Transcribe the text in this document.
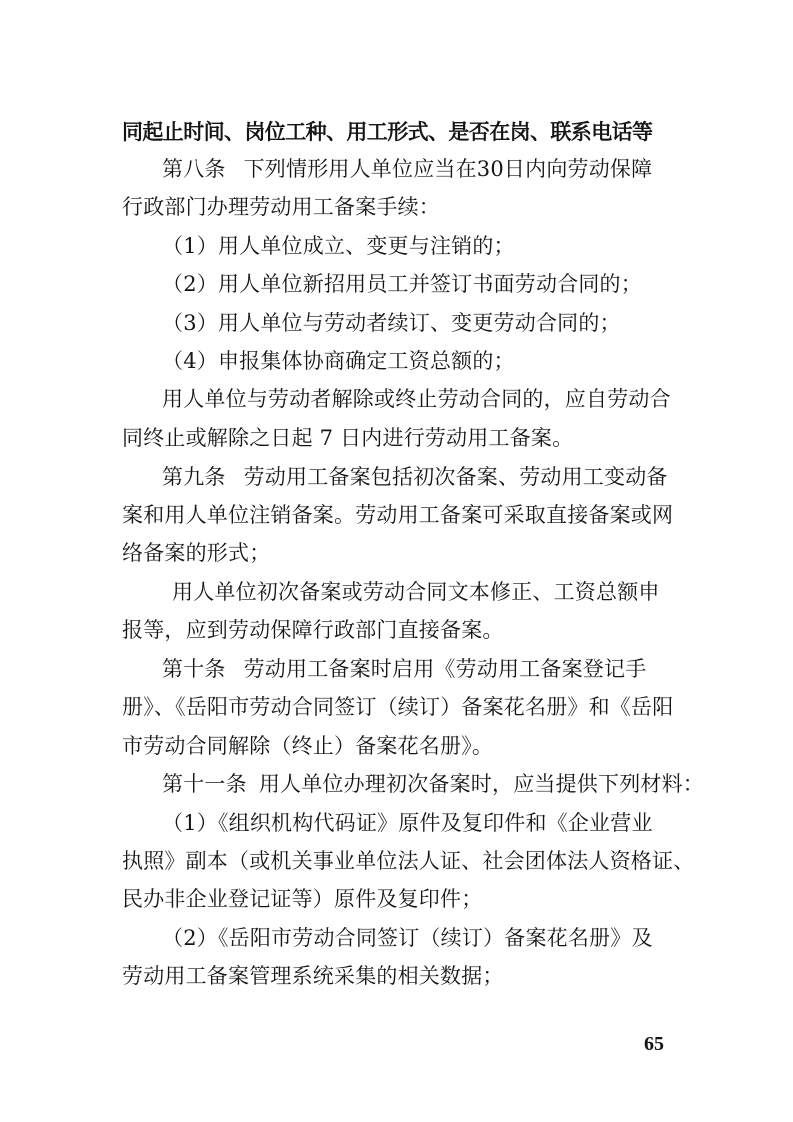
同起止时间、岗位工种、用工形式、是否在岗、联系电话等
第八条 下列情形用人单位应当在30日内向劳动保障
行政部门办理劳动用工备案手续：
（1）用人单位成立、变更与注销的；
（2）用人单位新招用员工并签订书面劳动合同的；
（3）用人单位与劳动者续订、变更劳动合同的；
（4）申报集体协商确定工资总额的；
用人单位与劳动者解除或终止劳动合同的，应自劳动合
同终止或解除之日起 7 日内进行劳动用工备案。
第九条 劳动用工备案包括初次备案、劳动用工变动备
案和用人单位注销备案。劳动用工备案可采取直接备案或网
络备案的形式；
用人单位初次备案或劳动合同文本修正、工资总额申
报等，应到劳动保障行政部门直接备案。
第十条 劳动用工备案时启用《劳动用工备案登记手
册》、《岳阳市劳动合同签订（续订）备案花名册》和《岳阳
市劳动合同解除（终止）备案花名册》。
第十一条 用人单位办理初次备案时，应当提供下列材料：
（1）《组织机构代码证》原件及复印件和《企业营业
执照》副本（或机关事业单位法人证、社会团体法人资格证、
民办非企业登记证等）原件及复印件；
（2）《岳阳市劳动合同签订（续订）备案花名册》及
劳动用工备案管理系统采集的相关数据；
65
